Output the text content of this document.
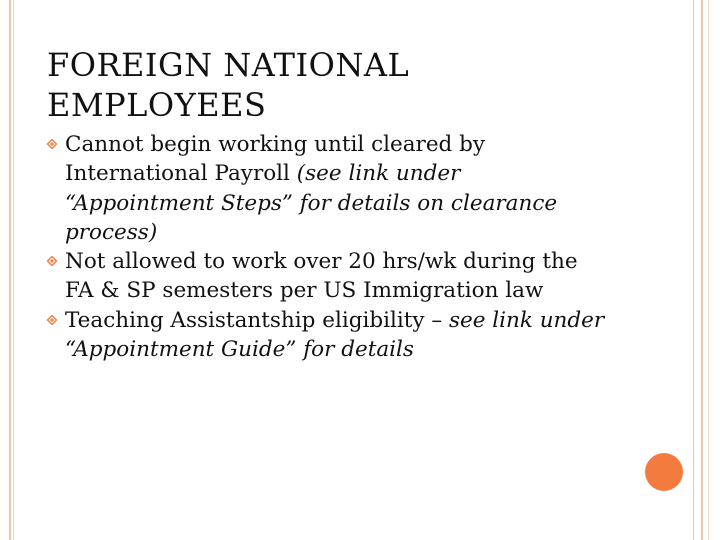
FOREIGN NATIONAL
EMPLOYEES
Cannot begin working until cleared by International Payroll (see link under “Appointment Steps” for details on clearance process)
Not allowed to work over 20 hrs/wk during the FA & SP semesters per US Immigration law
Teaching Assistantship eligibility – see link under “Appointment Guide” for details
